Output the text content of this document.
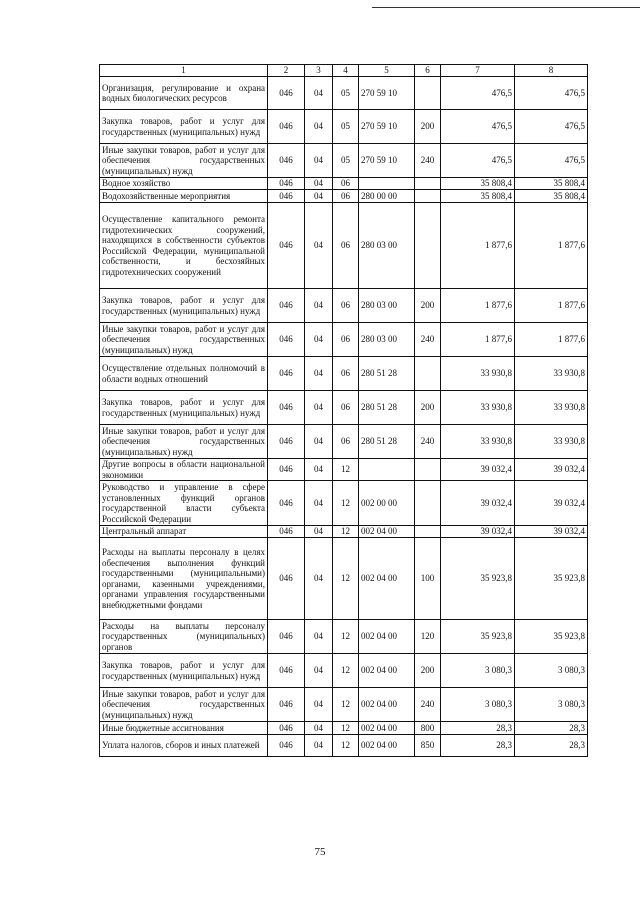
1	2	3	4	5	6	7	8
Организация, регулирование и охрана водных биологических ресурсов	046	04	05	270 59 10		476,5	476,5
Закупка товаров, работ и услуг для государственных (муниципальных) нужд	046	04	05	270 59 10	200	476,5	476,5
Иные закупки товаров, работ и услуг для обеспечения государственных (муниципальных) нужд	046	04	05	270 59 10	240	476,5	476,5
Водное хозяйство	046	04	06			35 808,4	35 808,4
Водохозяйственные мероприятия	046	04	06	280 00 00		35 808,4	35 808,4
Осуществление капитального ремонта гидротехнических сооружений, находящихся в собственности субъектов Российской Федерации, муниципальной собственности, и бесхозяйных гидротехнических сооружений	046	04	06	280 03 00		1 877,6	1 877,6
Закупка товаров, работ и услуг для государственных (муниципальных) нужд	046	04	06	280 03 00	200	1 877,6	1 877,6
Иные закупки товаров, работ и услуг для обеспечения государственных (муниципальных) нужд	046	04	06	280 03 00	240	1 877,6	1 877,6
Осуществление отдельных полномочий в области водных отношений	046	04	06	280 51 28		33 930,8	33 930,8
Закупка товаров, работ и услуг для государственных (муниципальных) нужд	046	04	06	280 51 28	200	33 930,8	33 930,8
Иные закупки товаров, работ и услуг для обеспечения государственных (муниципальных) нужд	046	04	06	280 51 28	240	33 930,8	33 930,8
Другие вопросы в области национальной экономики	046	04	12			39 032,4	39 032,4
Руководство и управление в сфере установленных функций органов государственной власти субъекта Российской Федерации	046	04	12	002 00 00		39 032,4	39 032,4
Центральный аппарат	046	04	12	002 04 00		39 032,4	39 032,4
Расходы на выплаты персоналу в целях обеспечения выполнения функций государственными (муниципальными) органами, казенными учреждениями, органами управления государственными внебюджетными фондами	046	04	12	002 04 00	100	35 923,8	35 923,8
Расходы на выплаты персоналу государственных (муниципальных) органов	046	04	12	002 04 00	120	35 923,8	35 923,8
Закупка товаров, работ и услуг для государственных (муниципальных) нужд	046	04	12	002 04 00	200	3 080,3	3 080,3
Иные закупки товаров, работ и услуг для обеспечения государственных (муниципальных) нужд	046	04	12	002 04 00	240	3 080,3	3 080,3
Иные бюджетные ассигнования	046	04	12	002 04 00	800	28,3	28,3
Уплата налогов, сборов и иных платежей	046	04	12	002 04 00	850	28,3	28,3
75
